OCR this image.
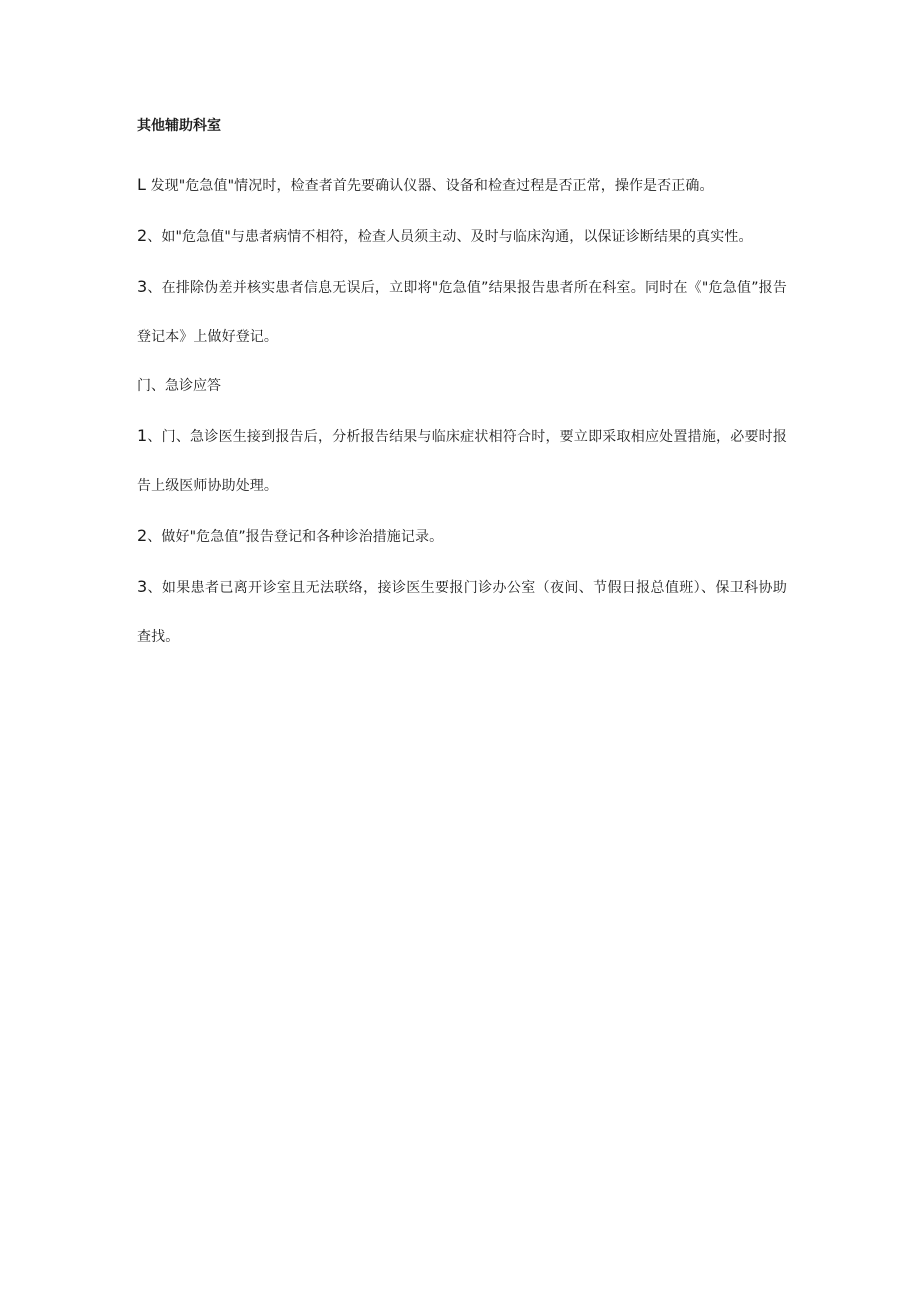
其他辅助科室

L 发现"危急值"情况时，检查者首先要确认仪器、设备和检查过程是否正常，操作是否正确。

2、如"危急值"与患者病情不相符，检查人员须主动、及时与临床沟通，以保证诊断结果的真实性。

3、在排除伪差并核实患者信息无误后，立即将"危急值”结果报告患者所在科室。同时在《"危急值”报告登记本》上做好登记。

门、急诊应答

1、门、急诊医生接到报告后，分析报告结果与临床症状相符合时，要立即采取相应处置措施，必要时报告上级医师协助处理。

2、做好"危急值”报告登记和各种诊治措施记录。

3、如果患者已离开诊室且无法联络，接诊医生要报门诊办公室（夜间、节假日报总值班）、保卫科协助查找。
